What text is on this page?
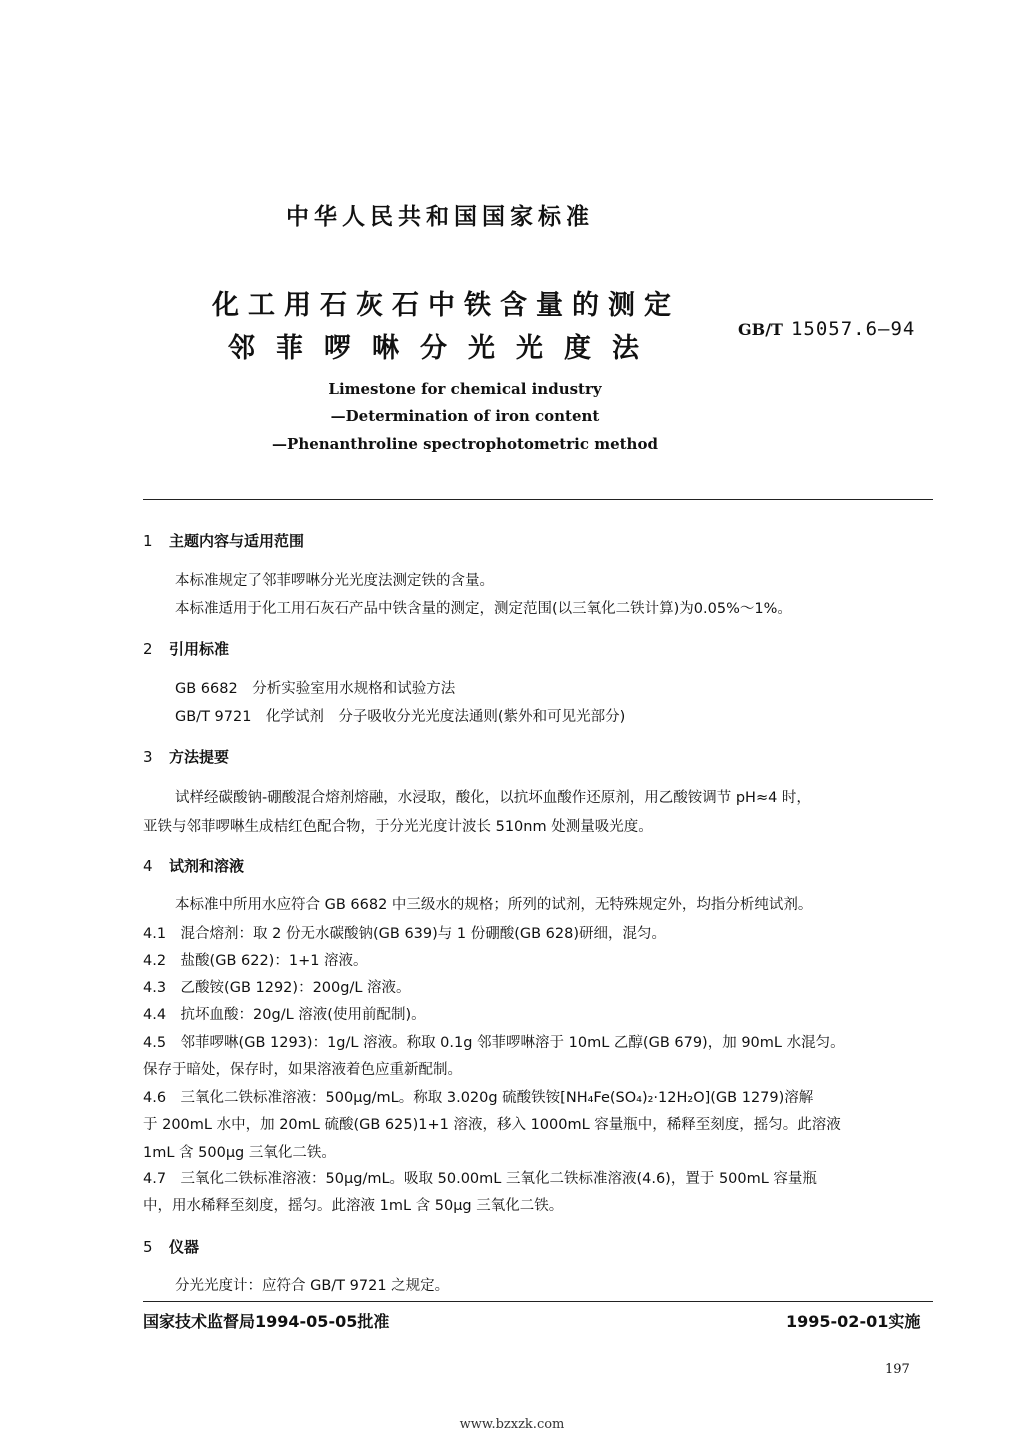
中华人民共和国国家标准
化工用石灰石中铁含量的测定
邻菲啰啉分光光度法
GB/T 15057.6—94
Limestone for chemical industry
—Determination of iron content
—Phenanthroline spectrophotometric method
1 主题内容与适用范围
本标准规定了邻菲啰啉分光光度法测定铁的含量。
本标准适用于化工用石灰石产品中铁含量的测定，测定范围(以三氧化二铁计算)为0.05%～1%。
2 引用标准
GB 6682　分析实验室用水规格和试验方法
GB/T 9721　化学试剂　分子吸收分光光度法通则(紫外和可见光部分)
3 方法提要
试样经碳酸钠-硼酸混合熔剂熔融，水浸取，酸化，以抗坏血酸作还原剂，用乙酸铵调节 pH≈4 时，
亚铁与邻菲啰啉生成桔红色配合物，于分光光度计波长 510nm 处测量吸光度。
4 试剂和溶液
本标准中所用水应符合 GB 6682 中三级水的规格；所列的试剂，无特殊规定外，均指分析纯试剂。
4.1　混合熔剂：取 2 份无水碳酸钠(GB 639)与 1 份硼酸(GB 628)研细，混匀。
4.2　盐酸(GB 622)：1+1 溶液。
4.3　乙酸铵(GB 1292)：200g/L 溶液。
4.4　抗坏血酸：20g/L 溶液(使用前配制)。
4.5　邻菲啰啉(GB 1293)：1g/L 溶液。称取 0.1g 邻菲啰啉溶于 10mL 乙醇(GB 679)，加 90mL 水混匀。
保存于暗处，保存时，如果溶液着色应重新配制。
4.6　三氧化二铁标准溶液：500μg/mL。称取 3.020g 硫酸铁铵[NH₄Fe(SO₄)₂·12H₂O](GB 1279)溶解
于 200mL 水中，加 20mL 硫酸(GB 625)1+1 溶液，移入 1000mL 容量瓶中，稀释至刻度，摇匀。此溶液
1mL 含 500μg 三氧化二铁。
4.7　三氧化二铁标准溶液：50μg/mL。吸取 50.00mL 三氧化二铁标准溶液(4.6)，置于 500mL 容量瓶
中，用水稀释至刻度，摇匀。此溶液 1mL 含 50μg 三氧化二铁。
5 仪器
分光光度计：应符合 GB/T 9721 之规定。
国家技术监督局1994-05-05批准	1995-02-01实施
197
www.bzxzk.com
